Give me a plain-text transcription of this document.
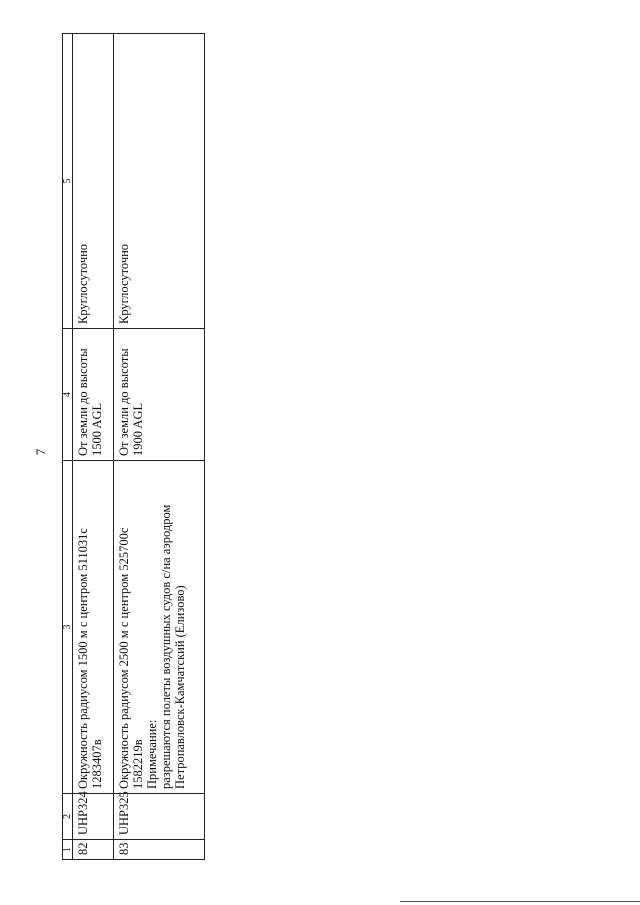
7
1	2	3	4	5
82	UHP324	Окружность радиусом 1500 м с центром 511031с 1283407в	От земли до высоты 1500 AGL	Круглосуточно
83	UHP325	Окружность радиусом 2500 м с центром 525700с 1582219в Примечание: разрешаются полеты воздушных судов с/на аэродром Петропавловск-Камчатский (Елизово)	От земли до высоты 1900 AGL	Круглосуточно
